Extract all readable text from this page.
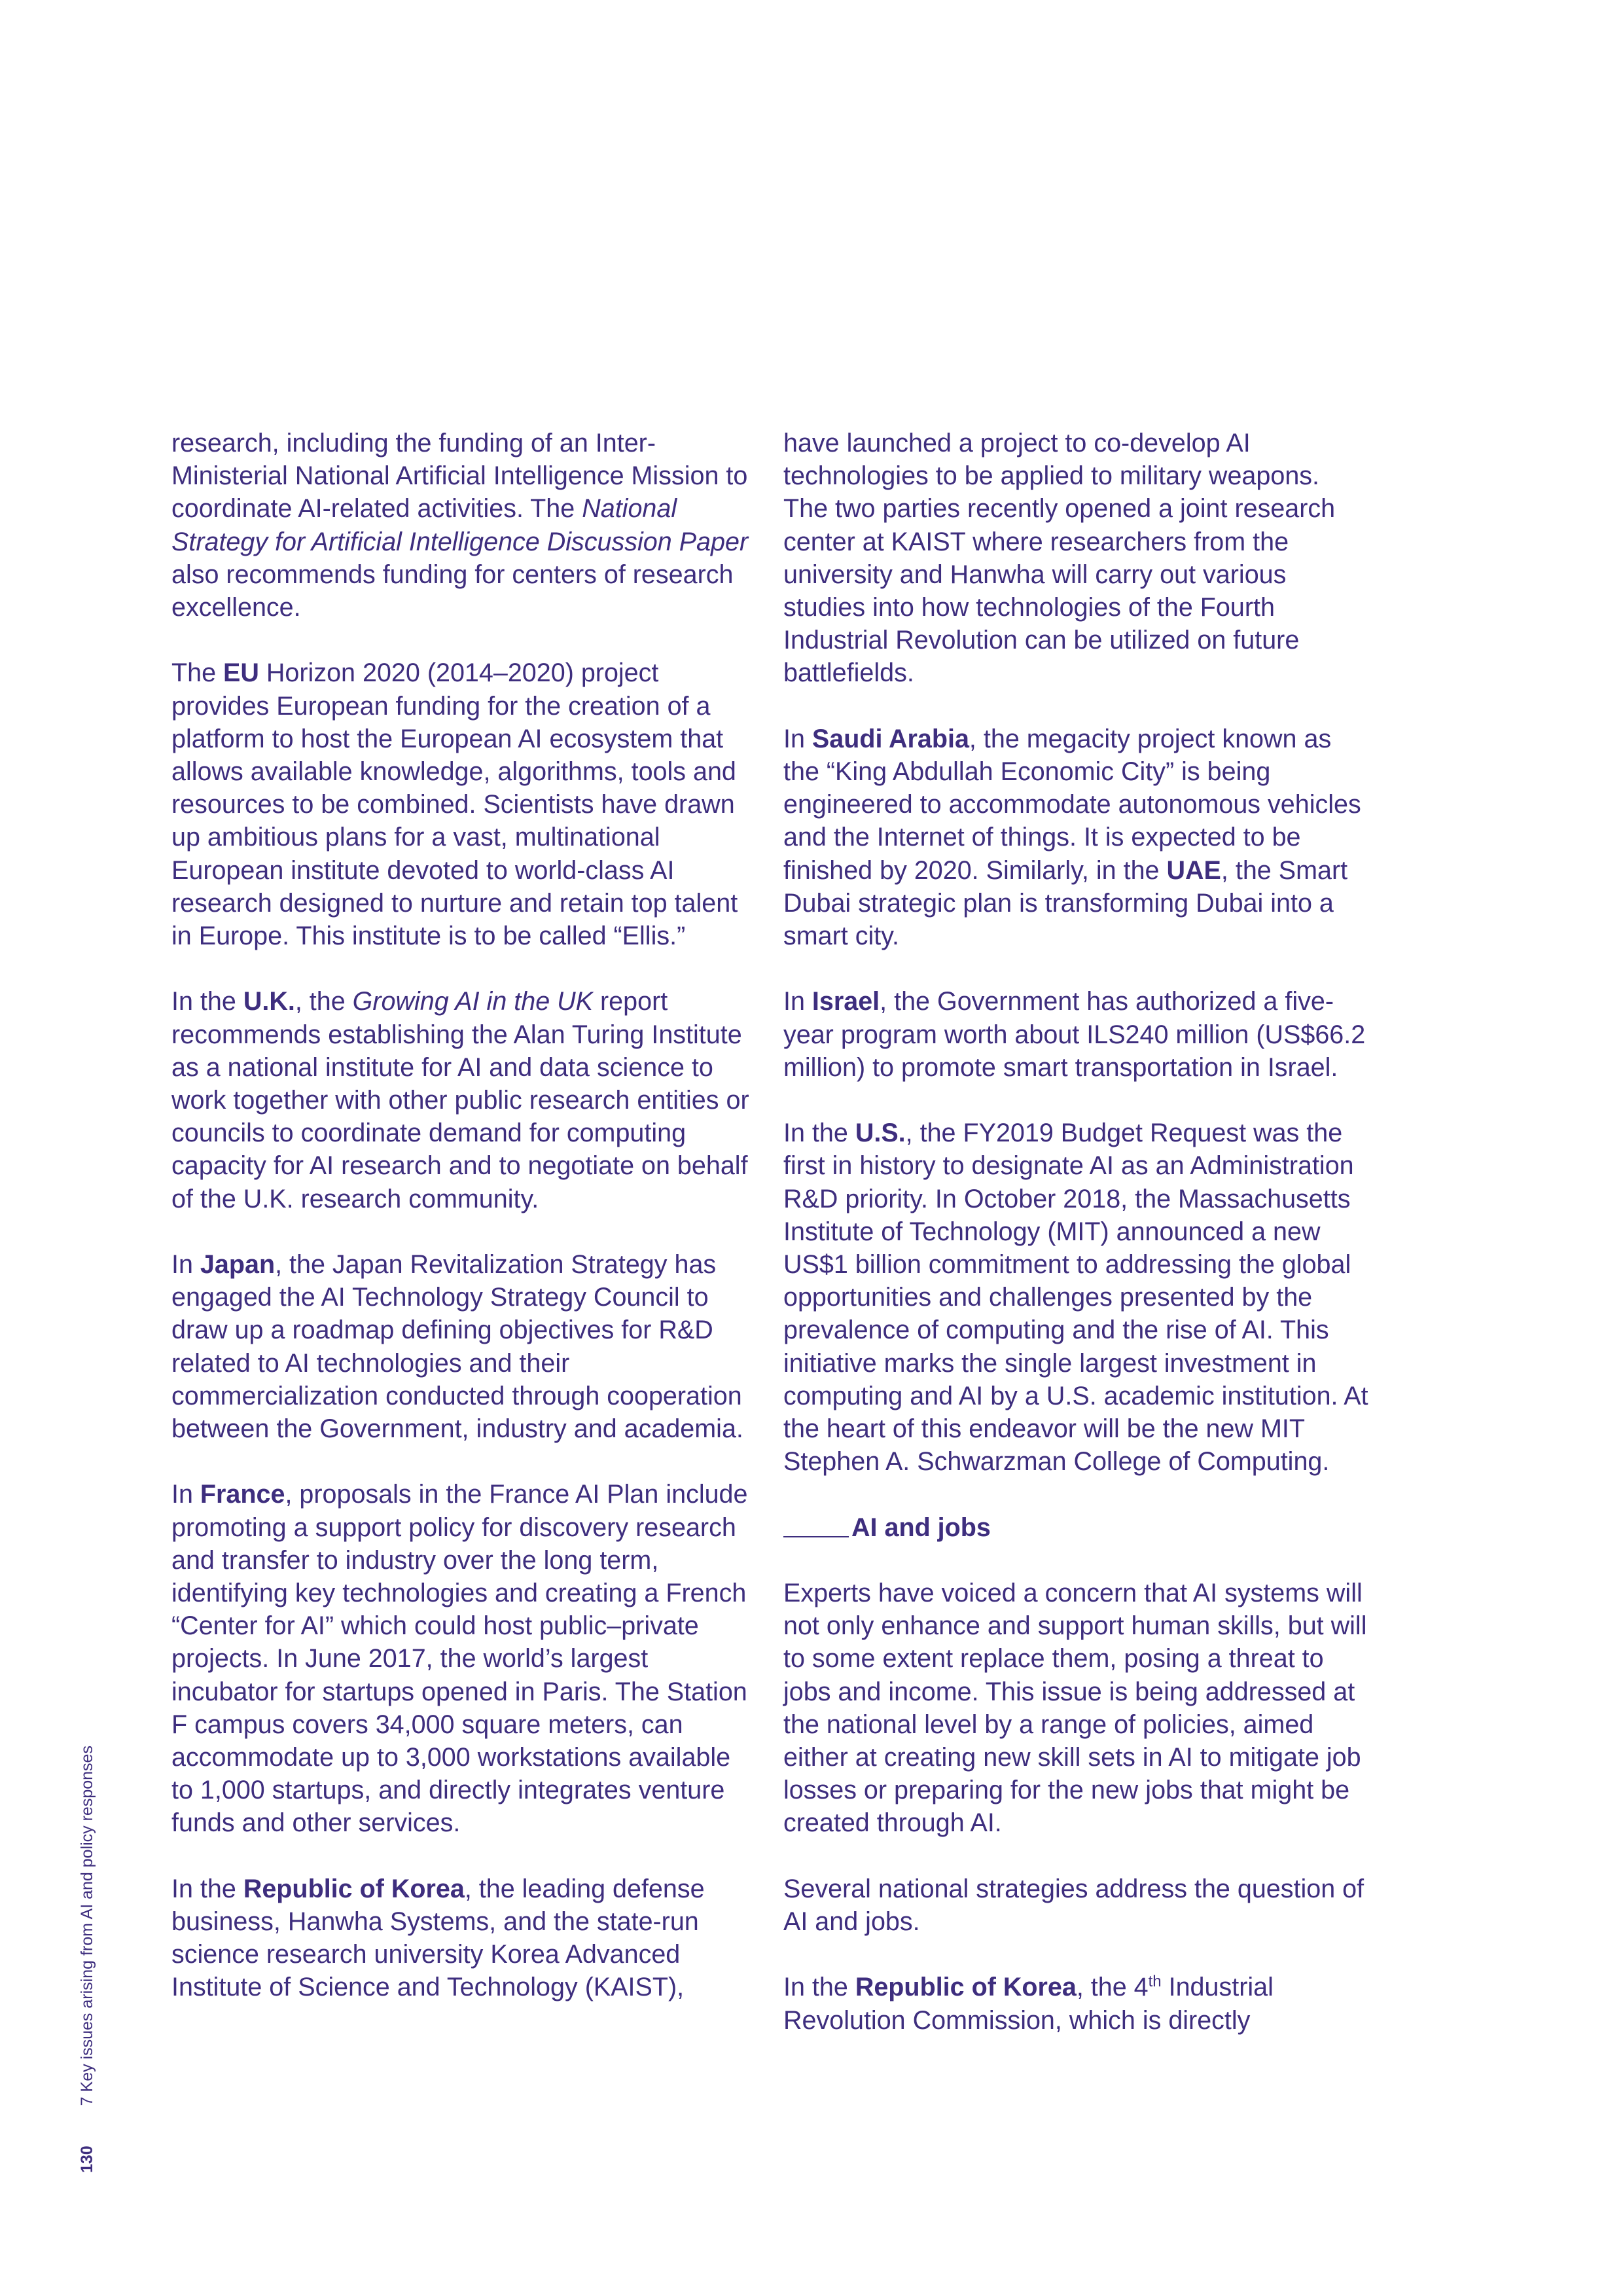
research, including the funding of an Inter-Ministerial National Artificial Intelligence Mission to coordinate AI-related activities. The National Strategy for Artificial Intelligence Discussion Paper also recommends funding for centers of research excellence.

The EU Horizon 2020 (2014–2020) project provides European funding for the creation of a platform to host the European AI ecosystem that allows available knowledge, algorithms, tools and resources to be combined. Scientists have drawn up ambitious plans for a vast, multinational European institute devoted to world-class AI research designed to nurture and retain top talent in Europe. This institute is to be called “Ellis.”

In the U.K., the Growing AI in the UK report recommends establishing the Alan Turing Institute as a national institute for AI and data science to work together with other public research entities or councils to coordinate demand for computing capacity for AI research and to negotiate on behalf of the U.K. research community.

In Japan, the Japan Revitalization Strategy has engaged the AI Technology Strategy Council to draw up a roadmap defining objectives for R&D related to AI technologies and their commercialization conducted through cooperation between the Government, industry and academia.

In France, proposals in the France AI Plan include promoting a support policy for discovery research and transfer to industry over the long term, identifying key technologies and creating a French “Center for AI” which could host public–private projects. In June 2017, the world’s largest incubator for startups opened in Paris. The Station F campus covers 34,000 square meters, can accommodate up to 3,000 workstations available to 1,000 startups, and directly integrates venture funds and other services.

In the Republic of Korea, the leading defense business, Hanwha Systems, and the state-run science research university Korea Advanced Institute of Science and Technology (KAIST),

have launched a project to co-develop AI technologies to be applied to military weapons. The two parties recently opened a joint research center at KAIST where researchers from the university and Hanwha will carry out various studies into how technologies of the Fourth Industrial Revolution can be utilized on future battlefields.

In Saudi Arabia, the megacity project known as the “King Abdullah Economic City” is being engineered to accommodate autonomous vehicles and the Internet of things. It is expected to be finished by 2020. Similarly, in the UAE, the Smart Dubai strategic plan is transforming Dubai into a smart city.

In Israel, the Government has authorized a five-year program worth about ILS240 million (US$66.2 million) to promote smart transportation in Israel.

In the U.S., the FY2019 Budget Request was the first in history to designate AI as an Administration R&D priority. In October 2018, the Massachusetts Institute of Technology (MIT) announced a new US$1 billion commitment to addressing the global opportunities and challenges presented by the prevalence of computing and the rise of AI. This initiative marks the single largest investment in computing and AI by a U.S. academic institution. At the heart of this endeavor will be the new MIT Stephen A. Schwarzman College of Computing.

AI and jobs

Experts have voiced a concern that AI systems will not only enhance and support human skills, but will to some extent replace them, posing a threat to jobs and income. This issue is being addressed at the national level by a range of policies, aimed either at creating new skill sets in AI to mitigate job losses or preparing for the new jobs that might be created through AI.

Several national strategies address the question of AI and jobs.

In the Republic of Korea, the 4th Industrial Revolution Commission, which is directly

130 7 Key issues arising from AI and policy responses
